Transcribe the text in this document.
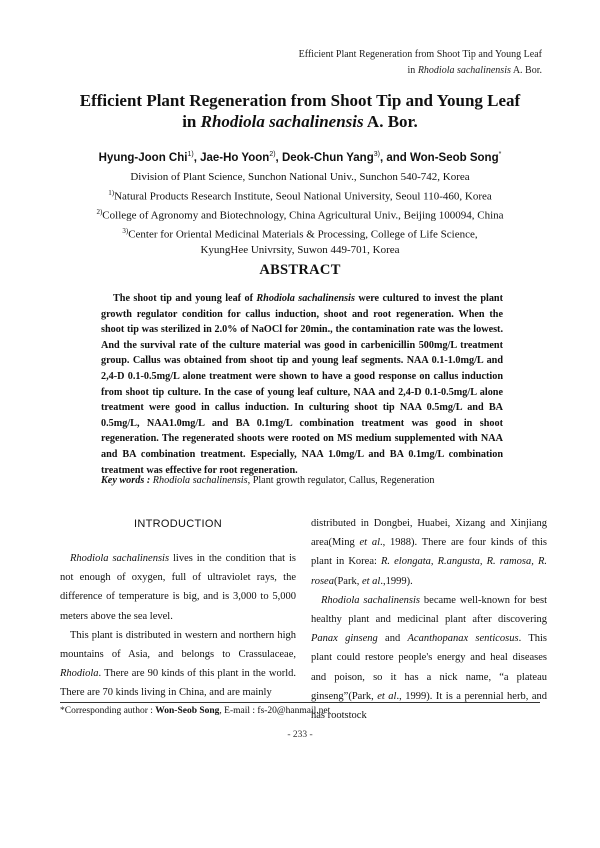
Efficient Plant Regeneration from Shoot Tip and Young Leaf
in Rhodiola sachalinensis A. Bor.
Efficient Plant Regeneration from Shoot Tip and Young Leaf
in Rhodiola sachalinensis A. Bor.
Hyung-Joon Chi$^{1)}$, Jae-Ho Yoon$^{2)}$, Deok-Chun Yang$^{3)}$, and Won-Seob Song*
Division of Plant Science, Sunchon National Univ., Sunchon 540-742, Korea
$^{1)}$Natural Products Research Institute, Seoul National University, Seoul 110-460, Korea
$^{2)}$College of Agronomy and Biotechnology, China Agricultural Univ., Beijing 100094, China
$^{3)}$Center for Oriental Medicinal Materials & Processing, College of Life Science,
KyungHee Univrsity, Suwon 449-701, Korea
ABSTRACT

The shoot tip and young leaf of Rhodiola sachalinensis were cultured to invest the plant growth regulator condition for callus induction, shoot and root regeneration. When the shoot tip was sterilized in 2.0% of NaOCl for 20min., the contamination rate was the lowest. And the survival rate of the culture material was good in carbenicillin 500mg/L treatment group. Callus was obtained from shoot tip and young leaf segments. NAA 0.1-1.0mg/L and 2,4-D 0.1-0.5mg/L alone treatment were shown to have a good response on callus induction from shoot tip culture. In the case of young leaf culture, NAA and 2,4-D 0.1-0.5mg/L alone treatment were good in callus induction. In culturing shoot tip NAA 0.5mg/L and BA 0.5mg/L, NAA1.0mg/L and BA 0.1mg/L combination treatment was good in shoot regeneration. The regenerated shoots were rooted on MS medium supplemented with NAA and BA combination treatment. Especially, NAA 1.0mg/L and BA 0.1mg/L combination treatment was effective for root regeneration.

Key words : Rhodiola sachalinensis, Plant growth regulator, Callus, Regeneration
INTRODUCTION

Rhodiola sachalinensis lives in the condition that is not enough of oxygen, full of ultraviolet rays, the difference of temperature is big, and is 3,000 to 5,000 meters above the sea level.

This plant is distributed in western and northern high mountains of Asia, and belongs to Crassulaceae, Rhodiola. There are 90 kinds of this plant in the world. There are 70 kinds living in China, and are mainly

distributed in Dongbei, Huabei, Xizang and Xinjiang area(Ming et al., 1988). There are four kinds of this plant in Korea: R. elongata, R.angusta, R. ramosa, R. rosea(Park, et al.,1999).

Rhodiola sachalinensis became well-known for best healthy plant and medicinal plant after discovering Panax ginseng and Acanthopanax senticosus. This plant could restore people's energy and heal diseases and poison, so it has a nick name, “a plateau ginseng”(Park, et al., 1999). It is a perennial herb, and has rootstock

*Corresponding author : Won-Seob Song, E-mail : fs-20@hanmail.net
- 233 -
